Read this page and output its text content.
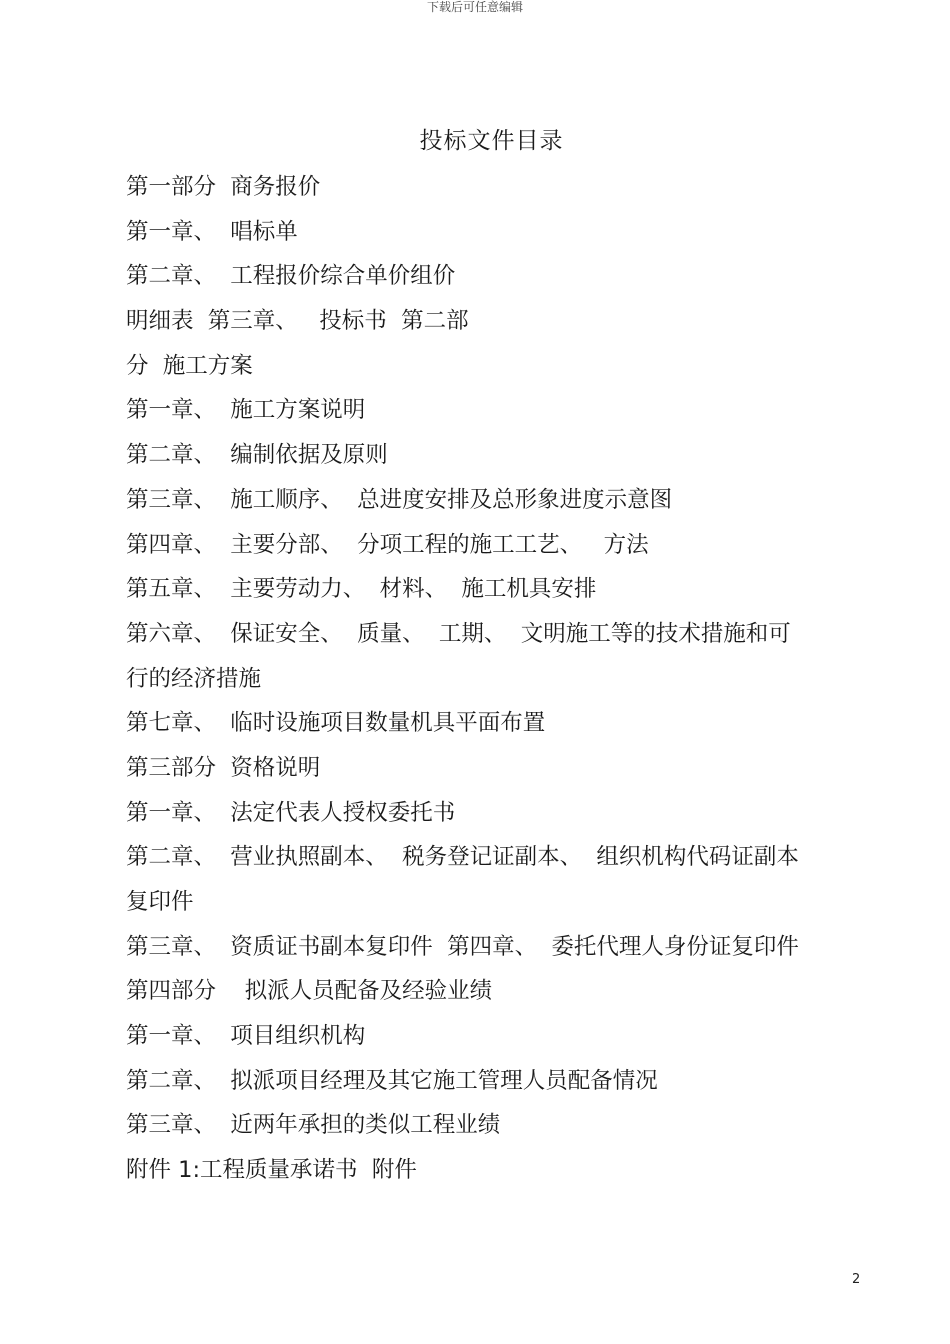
下载后可任意编辑
投标文件目录
第一部分  商务报价
第一章、  唱标单
第二章、  工程报价综合单价组价
明细表  第三章、   投标书  第二部
分  施工方案
第一章、  施工方案说明
第二章、  编制依据及原则
第三章、  施工顺序、  总进度安排及总形象进度示意图
第四章、  主要分部、  分项工程的施工工艺、   方法
第五章、  主要劳动力、  材料、  施工机具安排
第六章、  保证安全、  质量、  工期、  文明施工等的技术措施和可
行的经济措施
第七章、  临时设施项目数量机具平面布置
第三部分  资格说明
第一章、  法定代表人授权委托书
第二章、  营业执照副本、  税务登记证副本、  组织机构代码证副本
复印件
第三章、  资质证书副本复印件  第四章、  委托代理人身份证复印件
第四部分    拟派人员配备及经验业绩
第一章、  项目组织机构
第二章、  拟派项目经理及其它施工管理人员配备情况
第三章、  近两年承担的类似工程业绩
附件 1:工程质量承诺书  附件
2
